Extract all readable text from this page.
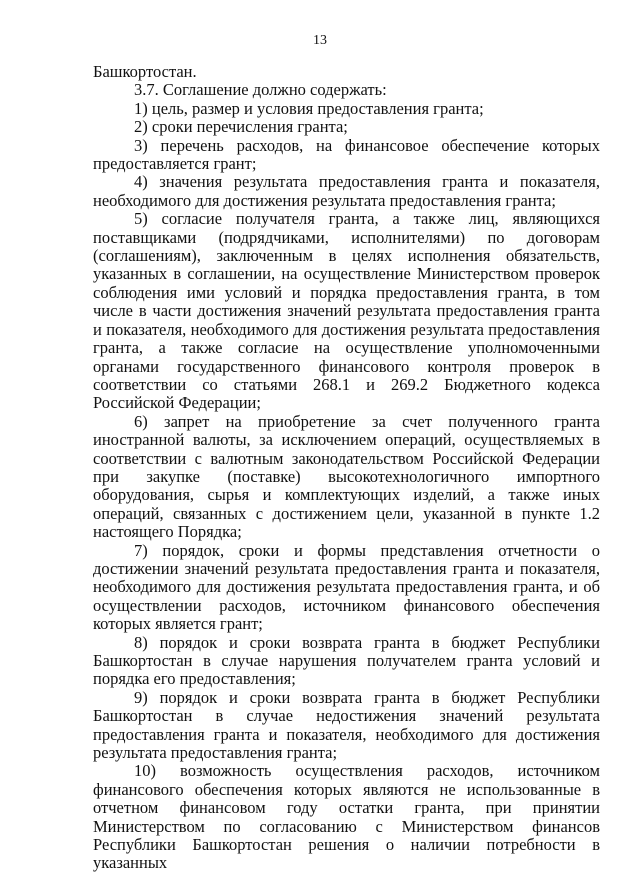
13

Башкортостан.

3.7. Соглашение должно содержать:

1) цель, размер и условия предоставления гранта;

2) сроки перечисления гранта;

3) перечень расходов, на финансовое обеспечение которых предоставляется грант;

4) значения результата предоставления гранта и показателя, необходимого для достижения результата предоставления гранта;

5) согласие получателя гранта, а также лиц, являющихся поставщиками (подрядчиками, исполнителями) по договорам (соглашениям), заключенным в целях исполнения обязательств, указанных в соглашении, на осуществление Министерством проверок соблюдения ими условий и порядка предоставления гранта, в том числе в части достижения значений результата предоставления гранта и показателя, необходимого для достижения результата предоставления гранта, а также согласие на осуществление уполномоченными органами государственного финансового контроля проверок в соответствии со статьями 268.1 и 269.2 Бюджетного кодекса Российской Федерации;

6) запрет на приобретение за счет полученного гранта иностранной валюты, за исключением операций, осуществляемых в соответствии с валютным законодательством Российской Федерации при закупке (поставке) высокотехнологичного импортного оборудования, сырья и комплектующих изделий, а также иных операций, связанных с достижением цели, указанной в пункте 1.2 настоящего Порядка;

7) порядок, сроки и формы представления отчетности о достижении значений результата предоставления гранта и показателя, необходимого для достижения результата предоставления гранта, и об осуществлении расходов, источником финансового обеспечения которых является грант;

8) порядок и сроки возврата гранта в бюджет Республики Башкортостан в случае нарушения получателем гранта условий и порядка его предоставления;

9) порядок и сроки возврата гранта в бюджет Республики Башкортостан в случае недостижения значений результата предоставления гранта и показателя, необходимого для достижения результата предоставления гранта;

10) возможность осуществления расходов, источником финансового обеспечения которых являются не использованные в отчетном финансовом году остатки гранта, при принятии Министерством по согласованию с Министерством финансов Республики Башкортостан решения о наличии потребности в указанных
